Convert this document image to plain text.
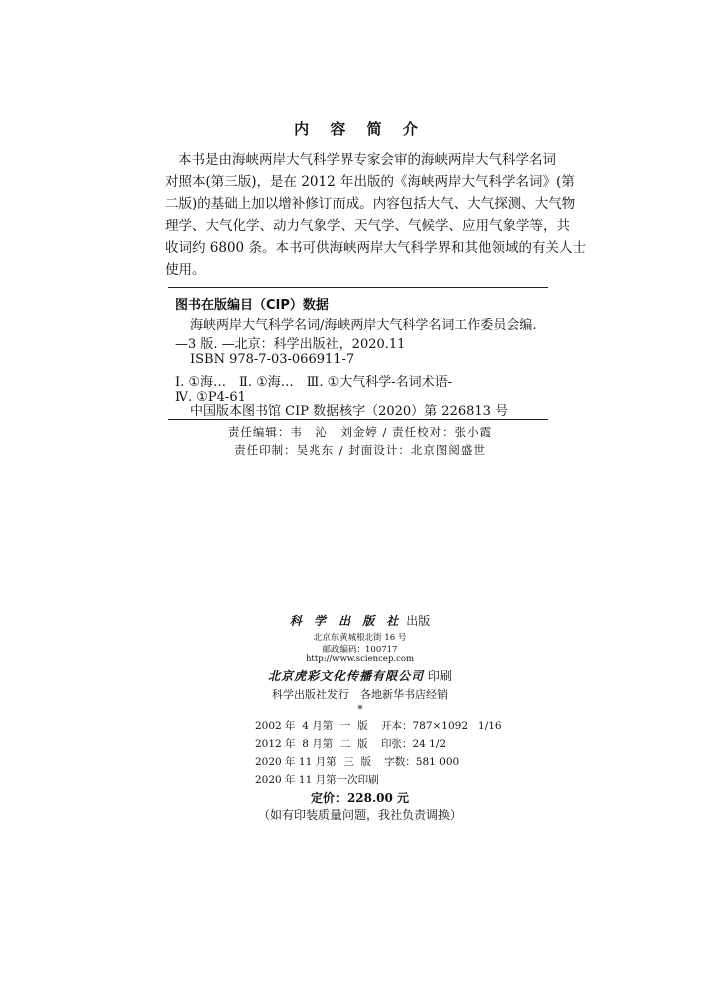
内 容 简 介
本书是由海峡两岸大气科学界专家会审的海峡两岸大气科学名词
对照本(第三版)，是在 2012 年出版的《海峡两岸大气科学名词》(第
二版)的基础上加以增补修订而成。内容包括大气、大气探测、大气物
理学、大气化学、动力气象学、天气学、气候学、应用气象学等，共
收词约 6800 条。本书可供海峡两岸大气科学界和其他领域的有关人士
使用。
图书在版编目（CIP）数据
海峡两岸大气科学名词/海峡两岸大气科学名词工作委员会编.
—3 版. —北京：科学出版社，2020.11
ISBN 978-7-03-066911-7
Ⅰ. ①海…　Ⅱ. ①海…　Ⅲ. ①大气科学-名词术语-
Ⅳ. ①P4-61
中国版本图书馆 CIP 数据核字（2020）第 226813 号
责任编辑：韦　沁　刘金婷 / 责任校对：张小霞
责任印制：吴兆东 / 封面设计：北京图阅盛世
科 学 出 版 社 出版
北京东黄城根北街 16 号
邮政编码：100717
http://www.sciencep.com
北京虎彩文化传播有限公司 印刷
科学出版社发行　各地新华书店经销
*
2002 年  4 月第  一  版    开本：787×1092   1/16
2012 年  8 月第  二  版    印张：24 1/2
2020 年 11 月第  三  版    字数：581 000
2020 年 11 月第一次印刷
定价：228.00 元
（如有印装质量问题，我社负责调换）
